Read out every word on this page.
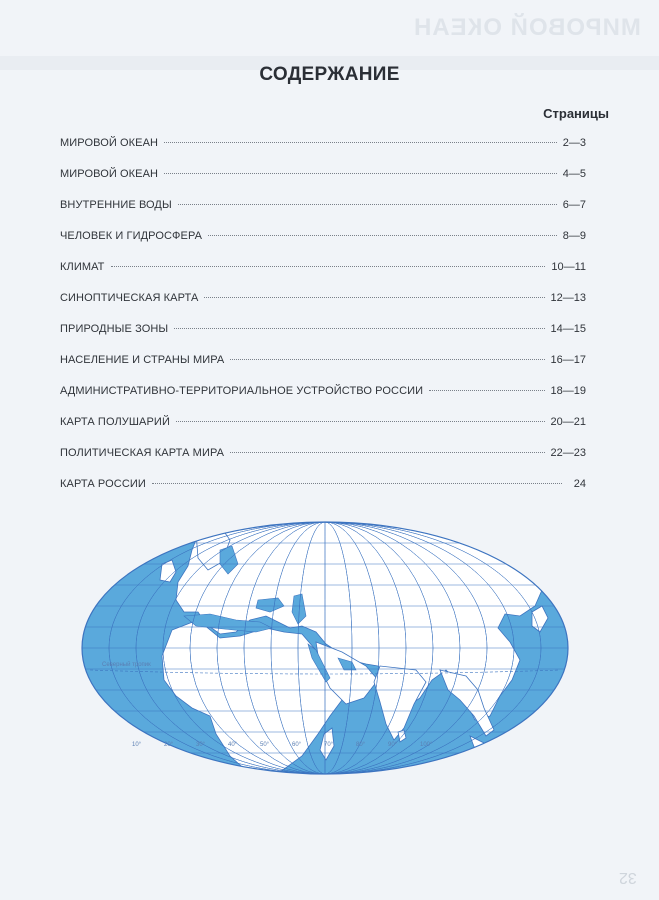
МИРОВОЙ ОКЕАН
32
СОДЕРЖАНИЕ
Страницы
МИРОВОЙ ОКЕАН	2—3
МИРОВОЙ ОКЕАН	4—5
ВНУТРЕННИЕ ВОДЫ	6—7
ЧЕЛОВЕК И ГИДРОСФЕРА	8—9
КЛИМАТ	10—11
СИНОПТИЧЕСКАЯ КАРТА	12—13
ПРИРОДНЫЕ ЗОНЫ	14—15
НАСЕЛЕНИЕ И СТРАНЫ МИРА	16—17
АДМИНИСТРАТИВНО-ТЕРРИТОРИАЛЬНОЕ УСТРОЙСТВО РОССИИ	18—19
КАРТА ПОЛУШАРИЙ	20—21
ПОЛИТИЧЕСКАЯ КАРТА МИРА	22—23
КАРТА РОССИИ	24
Северный тропик
10°	20°	30°	40°	50°	60°	70°	80°	90°	100°
